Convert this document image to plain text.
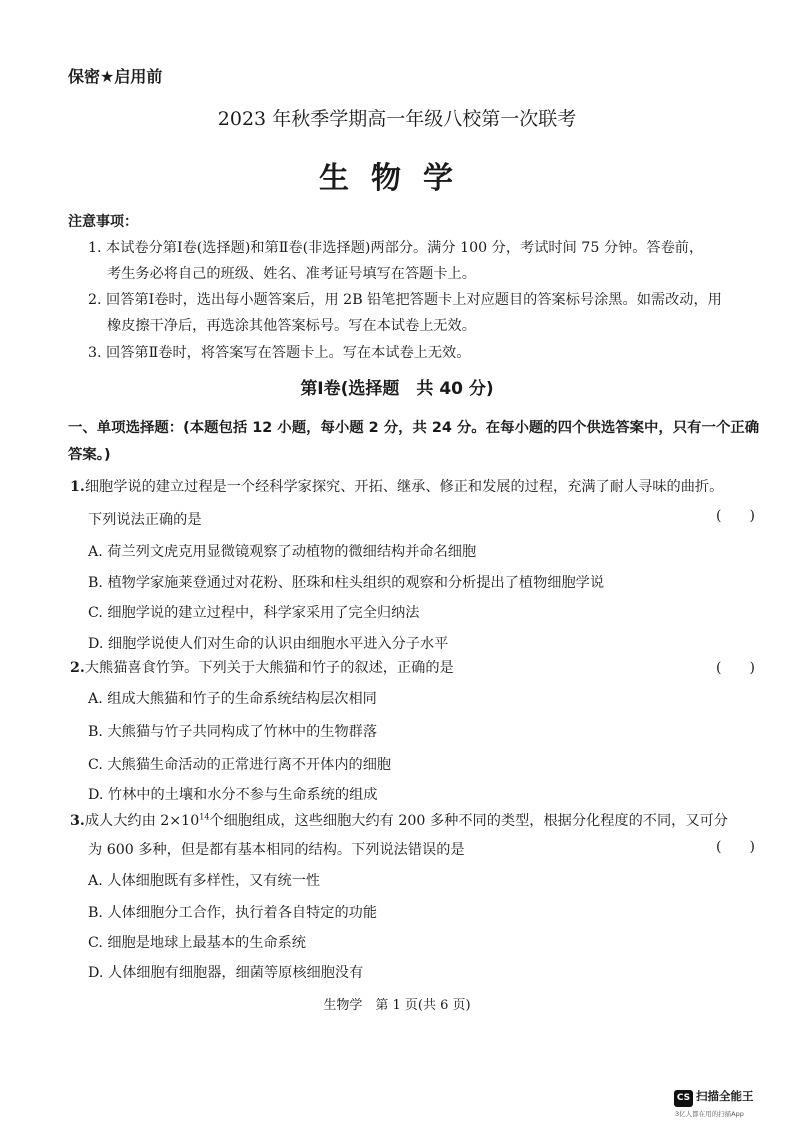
保密★启用前
2023 年秋季学期高一年级八校第一次联考
生物学
注意事项：
1. 本试卷分第Ⅰ卷(选择题)和第Ⅱ卷(非选择题)两部分。满分 100 分，考试时间 75 分钟。答卷前，
考生务必将自己的班级、姓名、准考证号填写在答题卡上。
2. 回答第Ⅰ卷时，选出每小题答案后，用 2B 铅笔把答题卡上对应题目的答案标号涂黑。如需改动，用
橡皮擦干净后，再选涂其他答案标号。写在本试卷上无效。
3. 回答第Ⅱ卷时，将答案写在答题卡上。写在本试卷上无效。
第Ⅰ卷(选择题　共 40 分)
一、单项选择题：(本题包括 12 小题，每小题 2 分，共 24 分。在每小题的四个供选答案中，只有一个正确
答案。)
1.细胞学说的建立过程是一个经科学家探究、开拓、继承、修正和发展的过程，充满了耐人寻味的曲折。
下列说法正确的是	(　　)
A. 荷兰列文虎克用显微镜观察了动植物的微细结构并命名细胞
B. 植物学家施莱登通过对花粉、胚珠和柱头组织的观察和分析提出了植物细胞学说
C. 细胞学说的建立过程中，科学家采用了完全归纳法
D. 细胞学说使人们对生命的认识由细胞水平进入分子水平
2.大熊猫喜食竹笋。下列关于大熊猫和竹子的叙述，正确的是	(　　)
A. 组成大熊猫和竹子的生命系统结构层次相同
B. 大熊猫与竹子共同构成了竹林中的生物群落
C. 大熊猫生命活动的正常进行离不开体内的细胞
D. 竹林中的土壤和水分不参与生命系统的组成
3.成人大约由 $2\times 10^{14}$个细胞组成，这些细胞大约有 200 多种不同的类型，根据分化程度的不同，又可分
为 600 多种，但是都有基本相同的结构。下列说法错误的是	(　　)
A. 人体细胞既有多样性，又有统一性
B. 人体细胞分工合作，执行着各自特定的功能
C. 细胞是地球上最基本的生命系统
D. 人体细胞有细胞器，细菌等原核细胞没有
生物学　第 1 页(共 6 页)
CS 扫描全能王
3亿人都在用的扫描App
